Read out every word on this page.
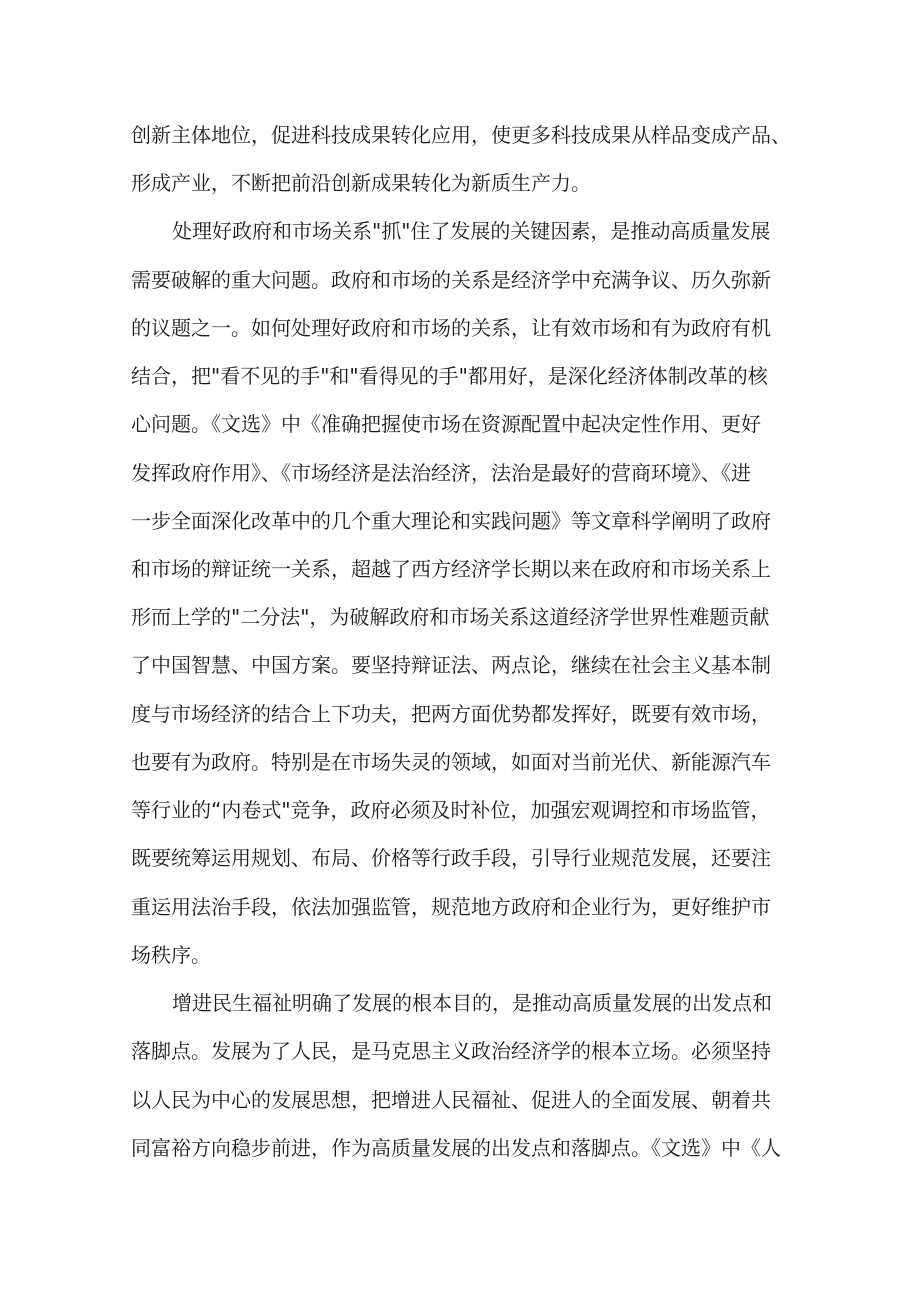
创新主体地位，促进科技成果转化应用，使更多科技成果从样品变成产品、
形成产业，不断把前沿创新成果转化为新质生产力。
处理好政府和市场关系"抓"住了发展的关键因素，是推动高质量发展
需要破解的重大问题。政府和市场的关系是经济学中充满争议、历久弥新
的议题之一。如何处理好政府和市场的关系，让有效市场和有为政府有机
结合，把"看不见的手"和"看得见的手"都用好，是深化经济体制改革的核
心问题。《文选》中《准确把握使市场在资源配置中起决定性作用、更好
发挥政府作用》、《市场经济是法治经济，法治是最好的营商环境》、《进
一步全面深化改革中的几个重大理论和实践问题》等文章科学阐明了政府
和市场的辩证统一关系，超越了西方经济学长期以来在政府和市场关系上
形而上学的"二分法"，为破解政府和市场关系这道经济学世界性难题贡献
了中国智慧、中国方案。要坚持辩证法、两点论，继续在社会主义基本制
度与市场经济的结合上下功夫，把两方面优势都发挥好，既要有效市场，
也要有为政府。特别是在市场失灵的领域，如面对当前光伏、新能源汽车
等行业的“内卷式"竞争，政府必须及时补位，加强宏观调控和市场监管，
既要统筹运用规划、布局、价格等行政手段，引导行业规范发展，还要注
重运用法治手段，依法加强监管，规范地方政府和企业行为，更好维护市
场秩序。
增进民生福祉明确了发展的根本目的，是推动高质量发展的出发点和
落脚点。发展为了人民，是马克思主义政治经济学的根本立场。必须坚持
以人民为中心的发展思想，把增进人民福祉、促进人的全面发展、朝着共
同富裕方向稳步前进，作为高质量发展的出发点和落脚点。《文选》中《人
